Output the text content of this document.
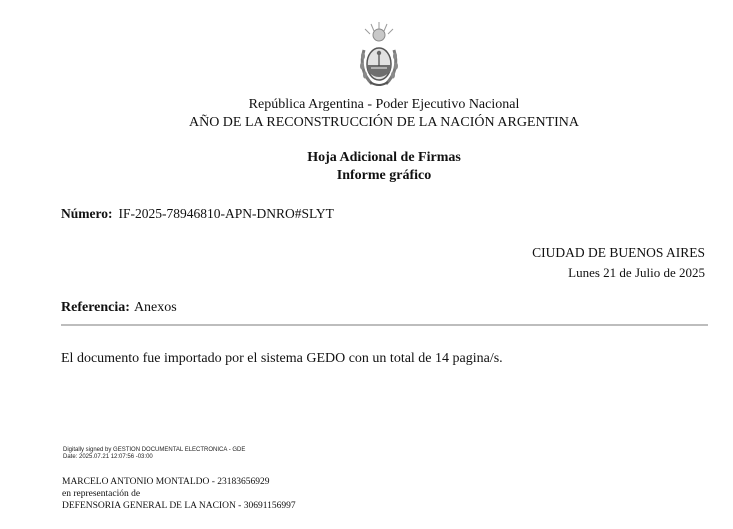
República Argentina - Poder Ejecutivo Nacional
AÑO DE LA RECONSTRUCCIÓN DE LA NACIÓN ARGENTINA
Hoja Adicional de Firmas
Informe gráfico
Número: IF-2025-78946810-APN-DNRO#SLYT
CIUDAD DE BUENOS AIRES
Lunes 21 de Julio de 2025
Referencia: Anexos
El documento fue importado por el sistema GEDO con un total de 14 pagina/s.
Digitally signed by GESTION DOCUMENTAL ELECTRONICA - GDE
Date: 2025.07.21 12:07:56 -03:00
MARCELO ANTONIO MONTALDO - 23183656929
en representación de
DEFENSORIA GENERAL DE LA NACION - 30691156997
